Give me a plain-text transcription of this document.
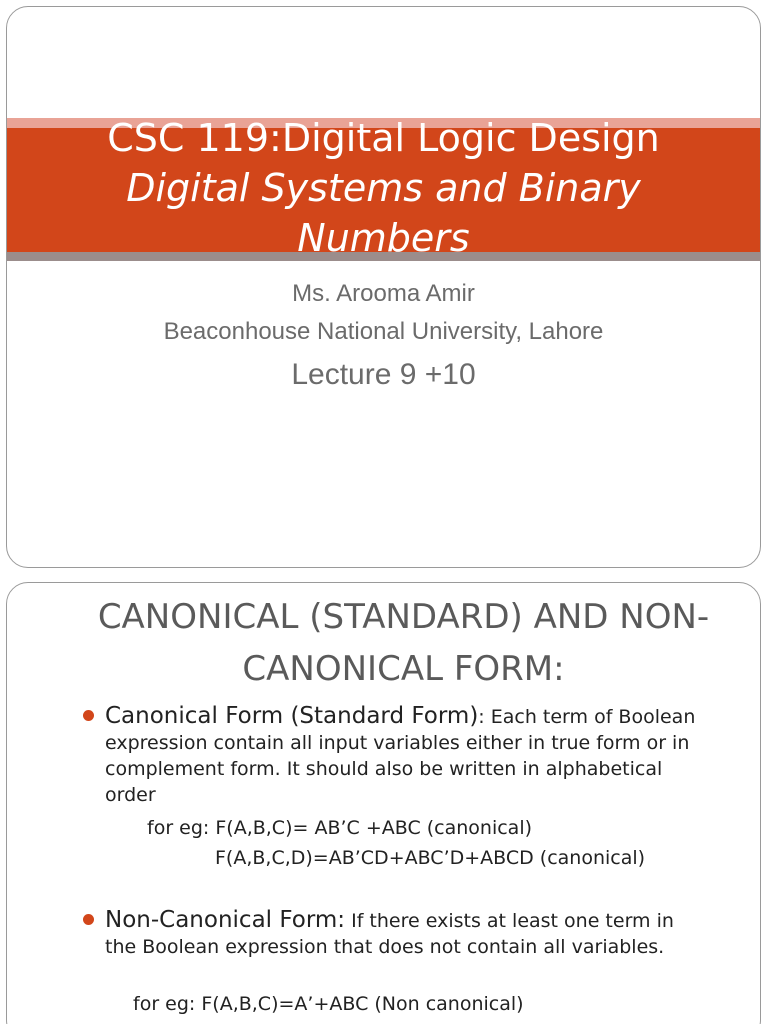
CSC 119:Digital Logic Design
Digital Systems and Binary Numbers
Ms. Arooma Amir
Beaconhouse National University, Lahore
Lecture 9 +10
CANONICAL (STANDARD) AND NON-CANONICAL FORM:
Canonical Form (Standard Form): Each term of Boolean expression contain all input variables either in true form or in complement form. It should also be written in alphabetical order
for eg: F(A,B,C)= AB’C +ABC (canonical)
F(A,B,C,D)=AB’CD+ABC’D+ABCD (canonical)
Non-Canonical Form: If there exists at least one term in the Boolean expression that does not contain all variables.
for eg: F(A,B,C)=A’+ABC (Non canonical)
